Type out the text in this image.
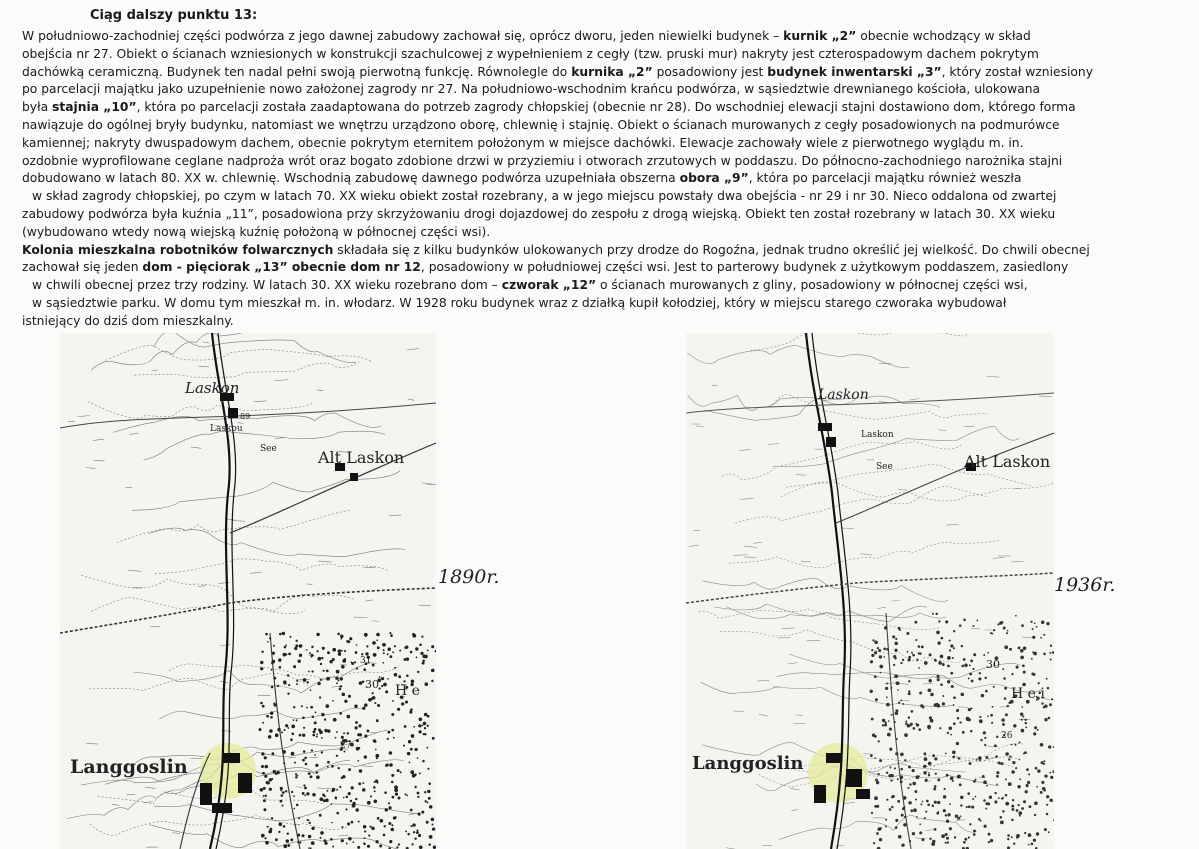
Ciąg dalszy punktu 13:
W południowo-zachodniej części podwórza z jego dawnej zabudowy zachował się, oprócz dworu, jeden niewielki budynek – kurnik „2” obecnie wchodzący w skład
obejścia nr 27. Obiekt o ścianach wzniesionych w konstrukcji szachulcowej z wypełnieniem z cegły (tzw. pruski mur) nakryty jest czterospadowym dachem pokrytym
dachówką ceramiczną. Budynek ten nadal pełni swoją pierwotną funkcję. Równolegle do kurnika „2” posadowiony jest budynek inwentarski „3”, który został wzniesiony
po parcelacji majątku jako uzupełnienie nowo założonej zagrody nr 27. Na południowo-wschodnim krańcu podwórza, w sąsiedztwie drewnianego kościoła, ulokowana
była stajnia „10”, która po parcelacji została zaadaptowana do potrzeb zagrody chłopskiej (obecnie nr 28). Do wschodniej elewacji stajni dostawiono dom, którego forma
nawiązuje do ogólnej bryły budynku, natomiast we wnętrzu urządzono oborę, chlewnię i stajnię. Obiekt o ścianach murowanych z cegły posadowionych na podmurówce
kamiennej; nakryty dwuspadowym dachem, obecnie pokrytym eternitem położonym w miejsce dachówki. Elewacje zachowały wiele z pierwotnego wyglądu m. in.
ozdobnie wyprofilowane ceglane nadproża wrót oraz bogato zdobione drzwi w przyziemiu i otworach zrzutowych w poddaszu. Do północno-zachodniego narożnika stajni
dobudowano w latach 80. XX w. chlewnię. Wschodnią zabudowę dawnego podwórza uzupełniała obszerna obora „9”, która po parcelacji majątku również weszła
w skład zagrody chłopskiej, po czym w latach 70. XX wieku obiekt został rozebrany, a w jego miejscu powstały dwa obejścia - nr 29 i nr 30. Nieco oddalona od zwartej
zabudowy podwórza była kuźnia „11”, posadowiona przy skrzyżowaniu drogi dojazdowej do zespołu z drogą wiejską. Obiekt ten został rozebrany w latach 30. XX wieku
(wybudowano wtedy nową wiejską kuźnię położoną w północnej części wsi).
Kolonia mieszkalna robotników folwarcznych składała się z kilku budynków ulokowanych przy drodze do Rogoźna, jednak trudno określić jej wielkość. Do chwili obecnej
zachował się jeden dom - pięciorak „13” obecnie dom nr 12, posadowiony w południowej części wsi. Jest to parterowy budynek z użytkowym poddaszem, zasiedlony
w chwili obecnej przez trzy rodziny. W latach 30. XX wieku rozebrano dom – czworak „12” o ścianach murowanych z gliny, posadowiony w północnej części wsi,
w sąsiedztwie parku. W domu tym mieszkał m. in. włodarz. W 1928 roku budynek wraz z działką kupił kołodziej, który w miejscu starego czworaka wybudował
istniejący do dziś dom mieszkalny.
Laskon
Laskou
Alt Laskon
See
89
31
30 H e
27
Langgoslin
1890r.
Laskon
Laskon
Alt Laskon
See
30
H e i
26
Langgoslin
1936r.
